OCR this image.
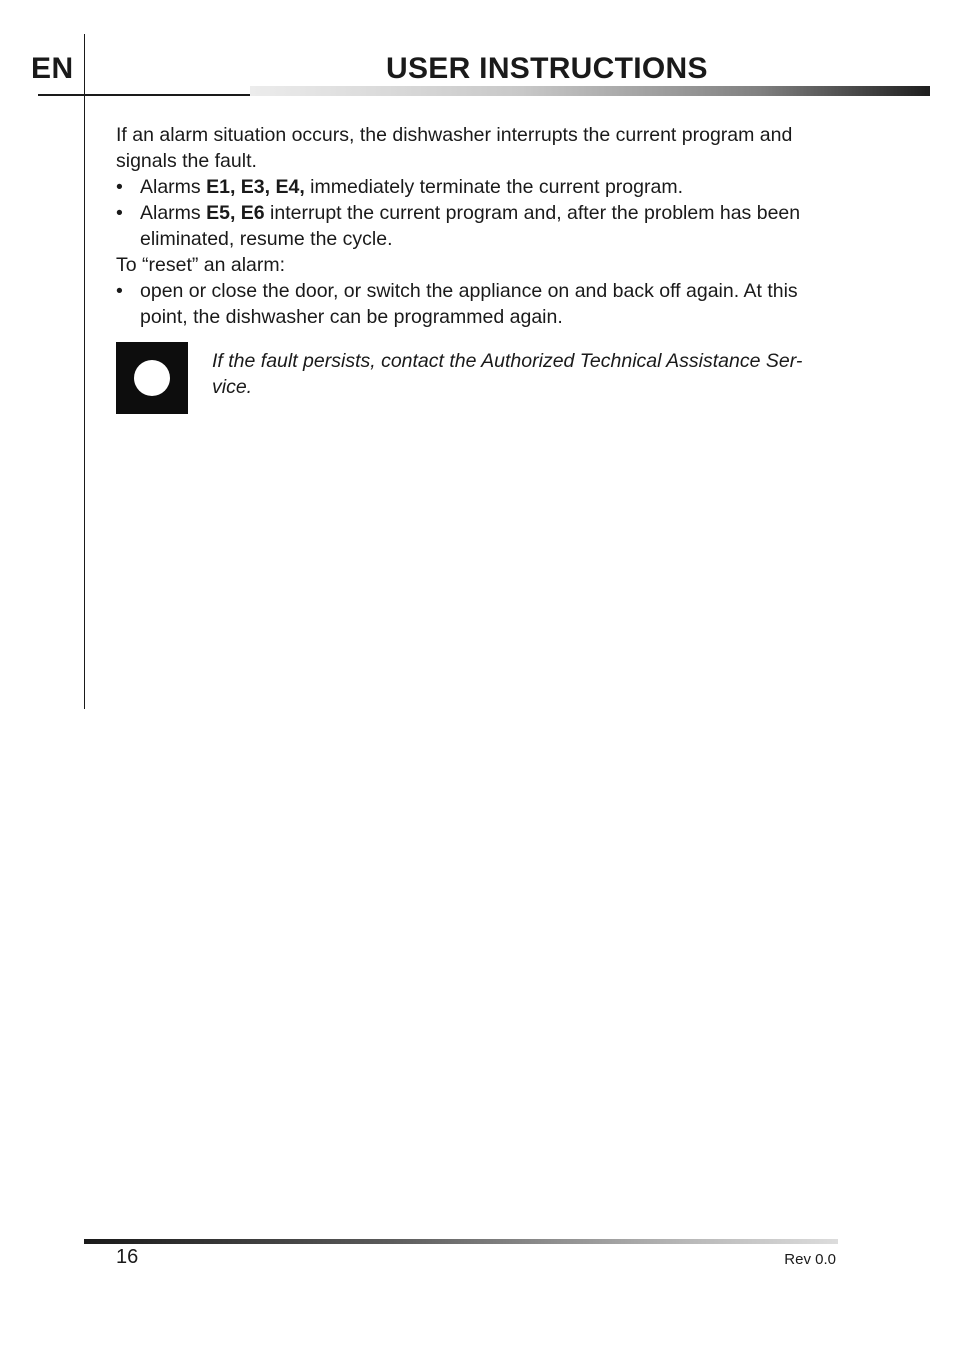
EN	USER INSTRUCTIONS

If an alarm situation occurs, the dishwasher interrupts the current program and signals the fault.

• Alarms E1, E3, E4, immediately terminate the current program.
• Alarms E5, E6 interrupt the current program and, after the problem has been eliminated, resume the cycle.

To “reset” an alarm:

• open or close the door, or switch the appliance on and back off again. At this point, the dishwasher can be programmed again.
If the fault persists, contact the Authorized Technical Assistance Ser-vice.
16	Rev 0.0
